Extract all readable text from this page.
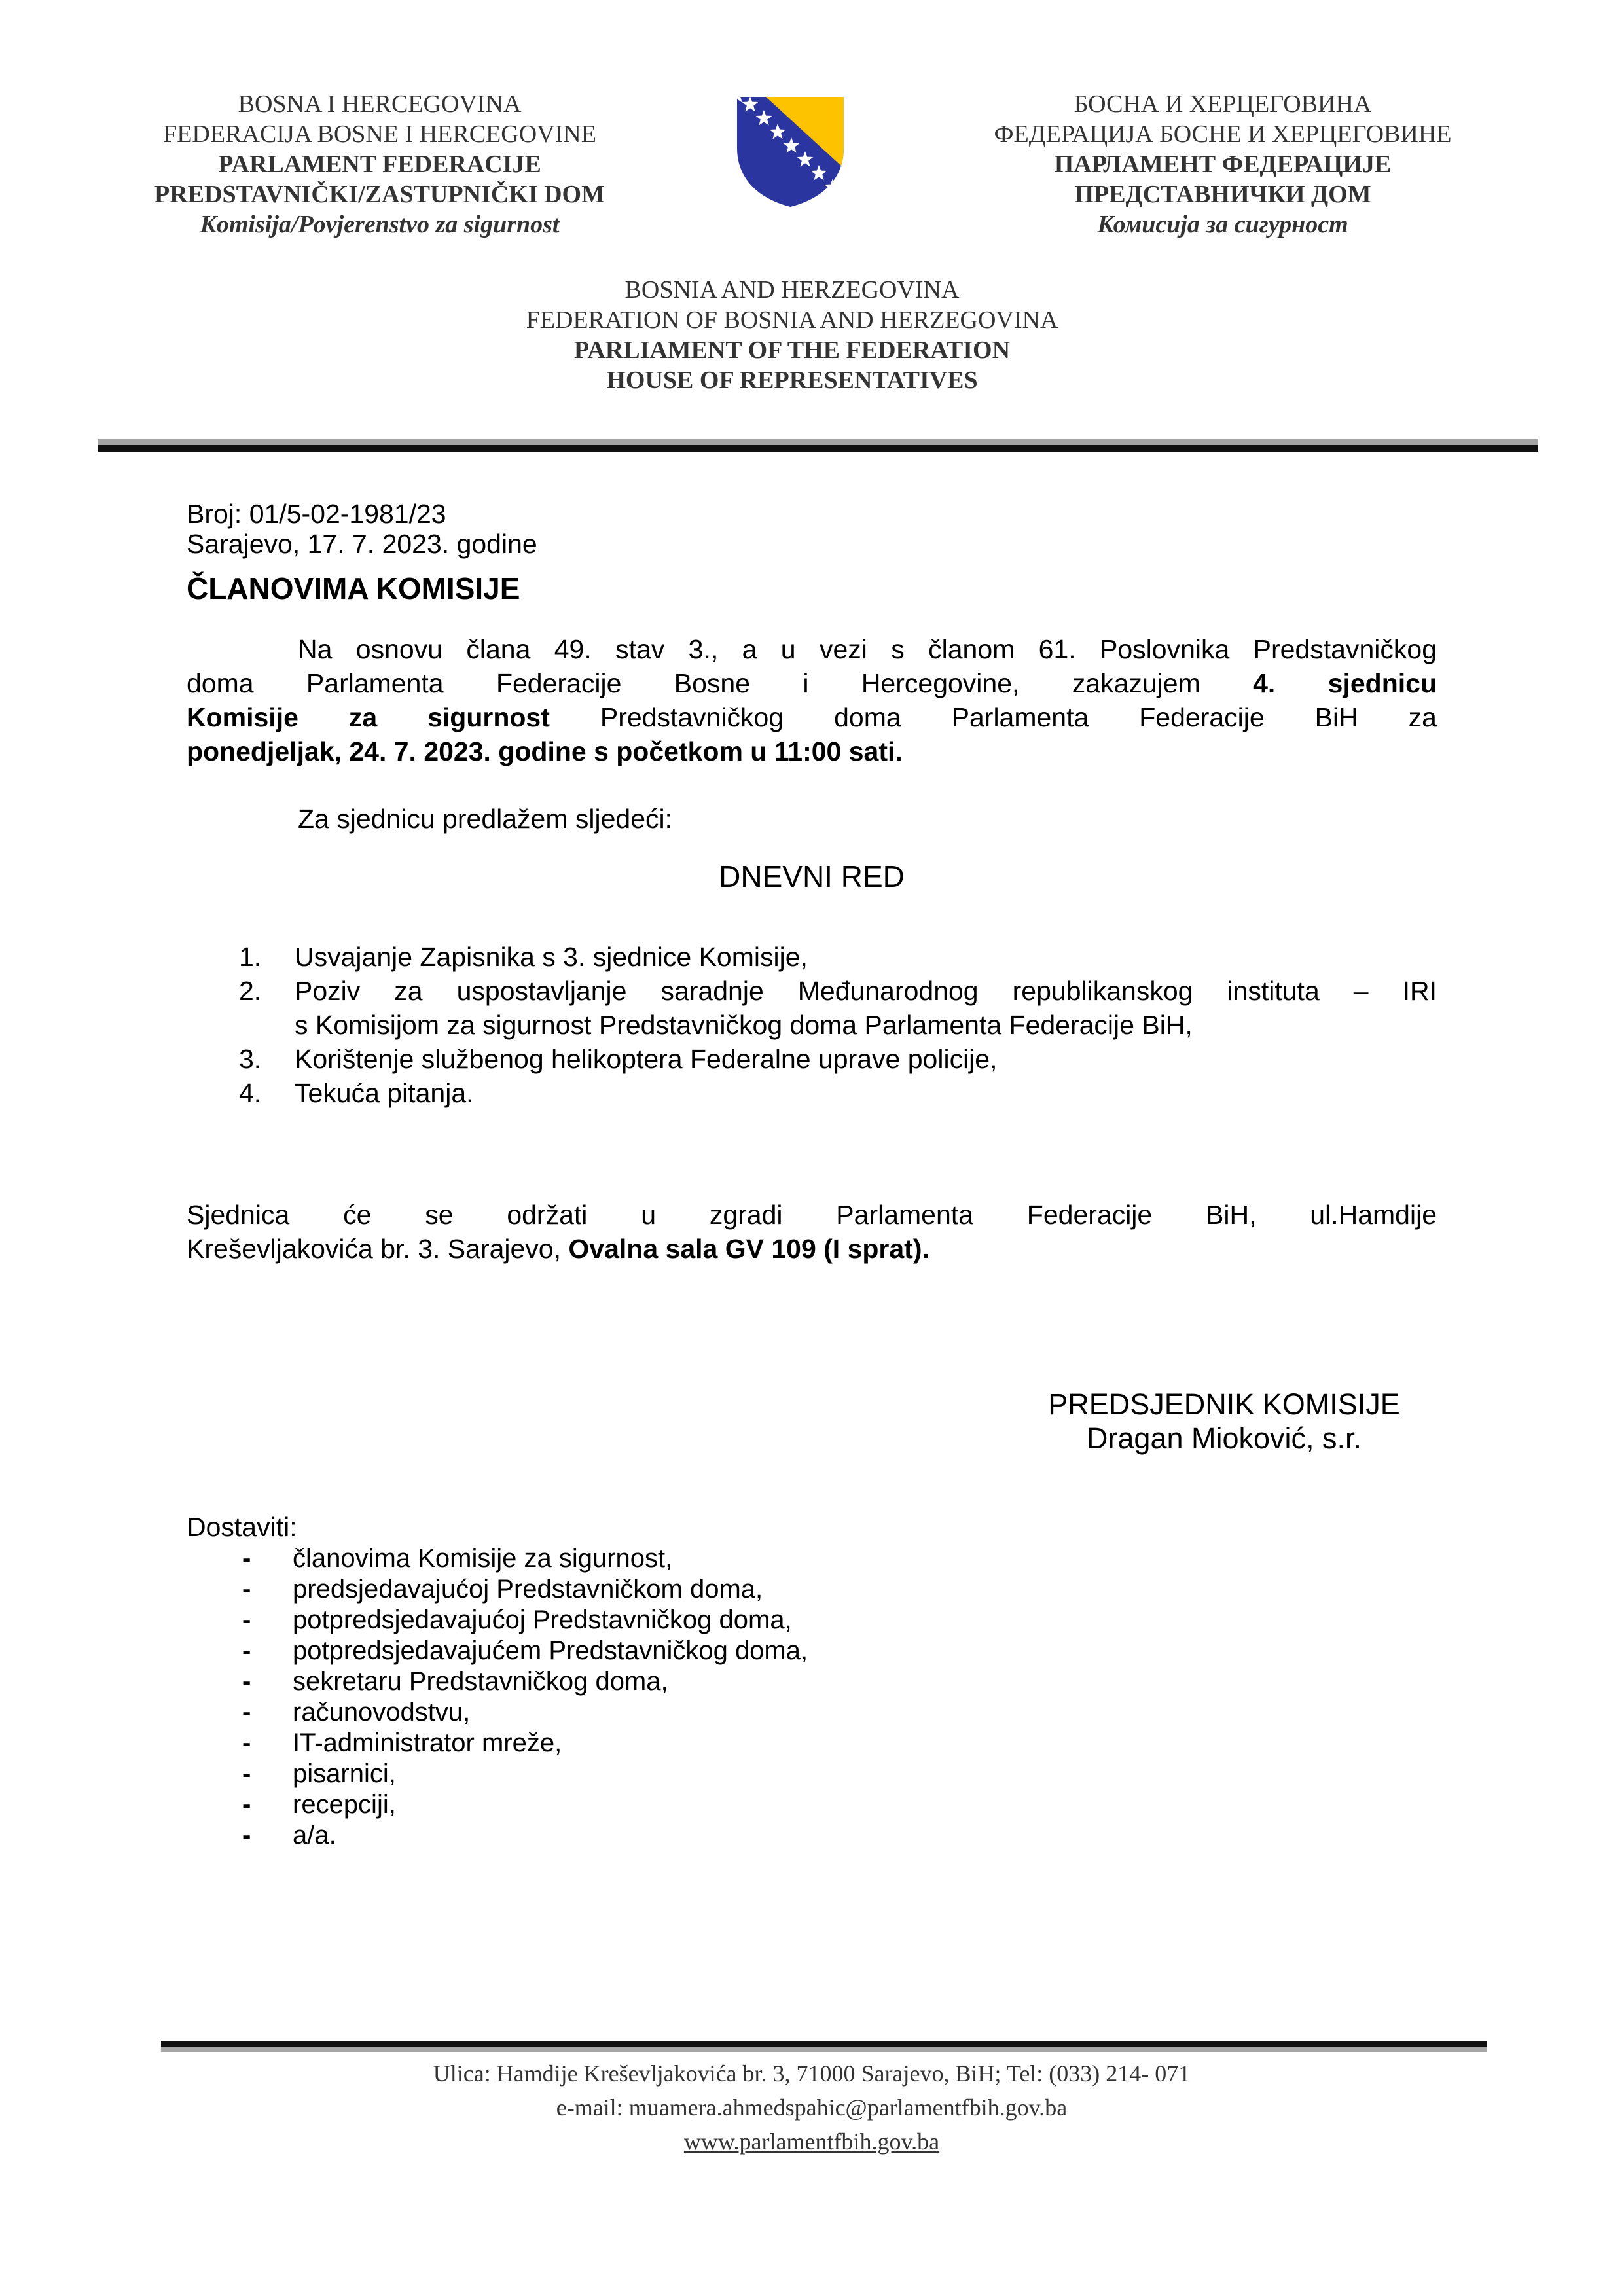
BOSNA I HERCEGOVINA
FEDERACIJA BOSNE I HERCEGOVINE
PARLAMENT FEDERACIJE
PREDSTAVNIČKI/ZASTUPNIČKI DOM
Komisija/Povjerenstvo za sigurnost
БОСНА И ХЕРЦЕГОВИНА
ФЕДЕРАЦИЈА БОСНЕ И ХЕРЦЕГОВИНЕ
ПАРЛАМЕНТ ФЕДЕРАЦИЈЕ
ПРЕДСТАВНИЧКИ ДОМ
Комисија за сигурност
BOSNIA AND HERZEGOVINA
FEDERATION OF BOSNIA AND HERZEGOVINA
PARLIAMENT OF THE FEDERATION
HOUSE OF REPRESENTATIVES
Broj: 01/5-02-1981/23
Sarajevo, 17. 7. 2023. godine
ČLANOVIMA KOMISIJE
Na osnovu člana 49. stav 3., a u vezi s članom 61. Poslovnika Predstavničkog
doma Parlamenta Federacije Bosne i Hercegovine, zakazujem 4. sjednicu
Komisije za sigurnost Predstavničkog doma Parlamenta Federacije BiH za
ponedjeljak, 24. 7. 2023. godine s početkom u 11:00 sati.
Za sjednicu predlažem sljedeći:
DNEVNI RED
1. Usvajanje Zapisnika s 3. sjednice Komisije,
2. Poziv za uspostavljanje saradnje Međunarodnog republikanskog instituta – IRI
s Komisijom za sigurnost Predstavničkog doma Parlamenta Federacije BiH,
3. Korištenje službenog helikoptera Federalne uprave policije,
4. Tekuća pitanja.
Sjednica će se održati u zgradi Parlamenta Federacije BiH, ul.Hamdije
Kreševljakovića br. 3. Sarajevo, Ovalna sala GV 109 (I sprat).
PREDSJEDNIK KOMISIJE
Dragan Mioković, s.r.
Dostaviti:
- članovima Komisije za sigurnost,
- predsjedavajućoj Predstavničkom doma,
- potpredsjedavajućoj Predstavničkog doma,
- potpredsjedavajućem Predstavničkog doma,
- sekretaru Predstavničkog doma,
- računovodstvu,
- IT-administrator mreže,
- pisarnici,
- recepciji,
- a/a.
Ulica: Hamdije Kreševljakovića br. 3, 71000 Sarajevo, BiH; Tel: (033) 214- 071
e-mail: muamera.ahmedspahic@parlamentfbih.gov.ba
www.parlamentfbih.gov.ba
